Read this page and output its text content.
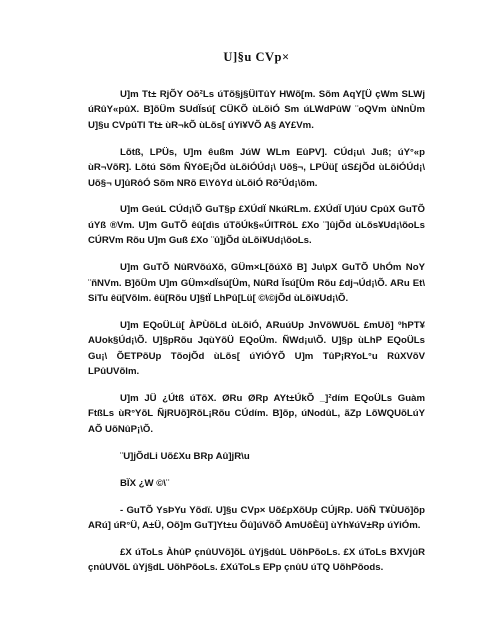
U]§u CVp×

U]m Tt± RjÕY Oõ²Ls úTõ§j§ÜlTûY HWõ[m. Sõm AqY[Ü çWm SLWj úRûY«pûX. B]õÜm SUdÏsú[ CÜKÕ ùLõiÓ Sm úLWdPûW ¨oQVm ùNnÙm U]§u CVpûTl Tt± ùR¬kÕ ùLõs[ úYi¥VÕ A§ AY£Vm.

Lõtß, LPÜs, U]m êußm JúW WLm EûPV]. CÚd¡u\ Juß; úY°«p ùR¬VõR]. Lõtú Sõm ÑYôE¡Õd ùLõiÓÚd¡\ Uõ§¬, LPÜü[ úS£jÕd ùLõiÓÚd¡\ Uõ§¬ U]ûRôÓ Sõm NRõ E\YôYd ùLõiÓ Rõ²Úd¡\õm.

U]m GeúL CÚd¡\Õ GuT§p £XÚdÏ NkúRLm. £XÚdÏ U]úU CpûX GuTÕ úYß ®Vm. U]m GuTÕ êû[dìs úTõÚk§«ÚlTRõL £Xo ¨]ûjÕd ùLõs¥Ud¡\õoLs CÚRVm Rõu U]m Guß £Xo ¨û]jÕd ùLõi¥Ud¡\õoLs.

U]m GuTÕ NûRVõúXõ, GÜm×L[õúXõ B] Ju\pX GuTÕ UhÓm NoY ¨ñNVm. B]õÜm U]m GÜm×dÏsú[Üm, NûRd Ïsú[Üm Rõu £dj¬Úd¡\Õ. ARu Et\ SiTu êü[Võlm. êü[Rõu U]§tÏ LhPû[Lü[ ©\©jÕd ùLõi¥Ud¡\Õ.

U]m EQoÜLü[ ÀPÙõLd ùLõiÓ, ARuúUp JnVõWUõL £mUõ] ºhPT¥ AUok§Úd¡\Õ. U]§pRõu JqùYõÜ EQoÜm. ÑWd¡u\Õ. U]§p ùLhP EQoÜLs Gu¡\ ÕETPõUp TõojÕd ùLõs[ úYiÓYÕ U]m TûP¡RYoL°u RûXVõV LPûUVõlm.

U]m JÜ ¿Útß úTõX. ØRu ØRp AYt±ÚkÕ _]²dím EQoÜLs Guàm FtßLs ùR°YõL ÑjRUõ]RõL¡Rõu CÚdím. B]õp, úNodûL, ãZp LõWQUõLúY AÕ UõNûP¡\Õ.

¨U]jÕdLi Uõ£Xu BRp Aû]jR\u

BÏX ¿W ©\¨

- GuTÕ YsÞYu Yõdï. U]§u CVp× Uõ£pXõUp CÚjRp. UõÑ T¥ÙUõ]õp ARú] úR°Ü, A±Ü, Oõ]m GuT]Yt±u Õû]úVõÕ AmUõÈü] ùYh¥úV±Rp úYiÓm.

£X úToLs ÀhûP çnûUVõ]õL ûYj§dûL UõhPõoLs. £X úToLs BXVjûR çnûUVõL ûYj§dL UõhPõoLs. £XúToLs EPp çnûU úTQ UõhPõods.
